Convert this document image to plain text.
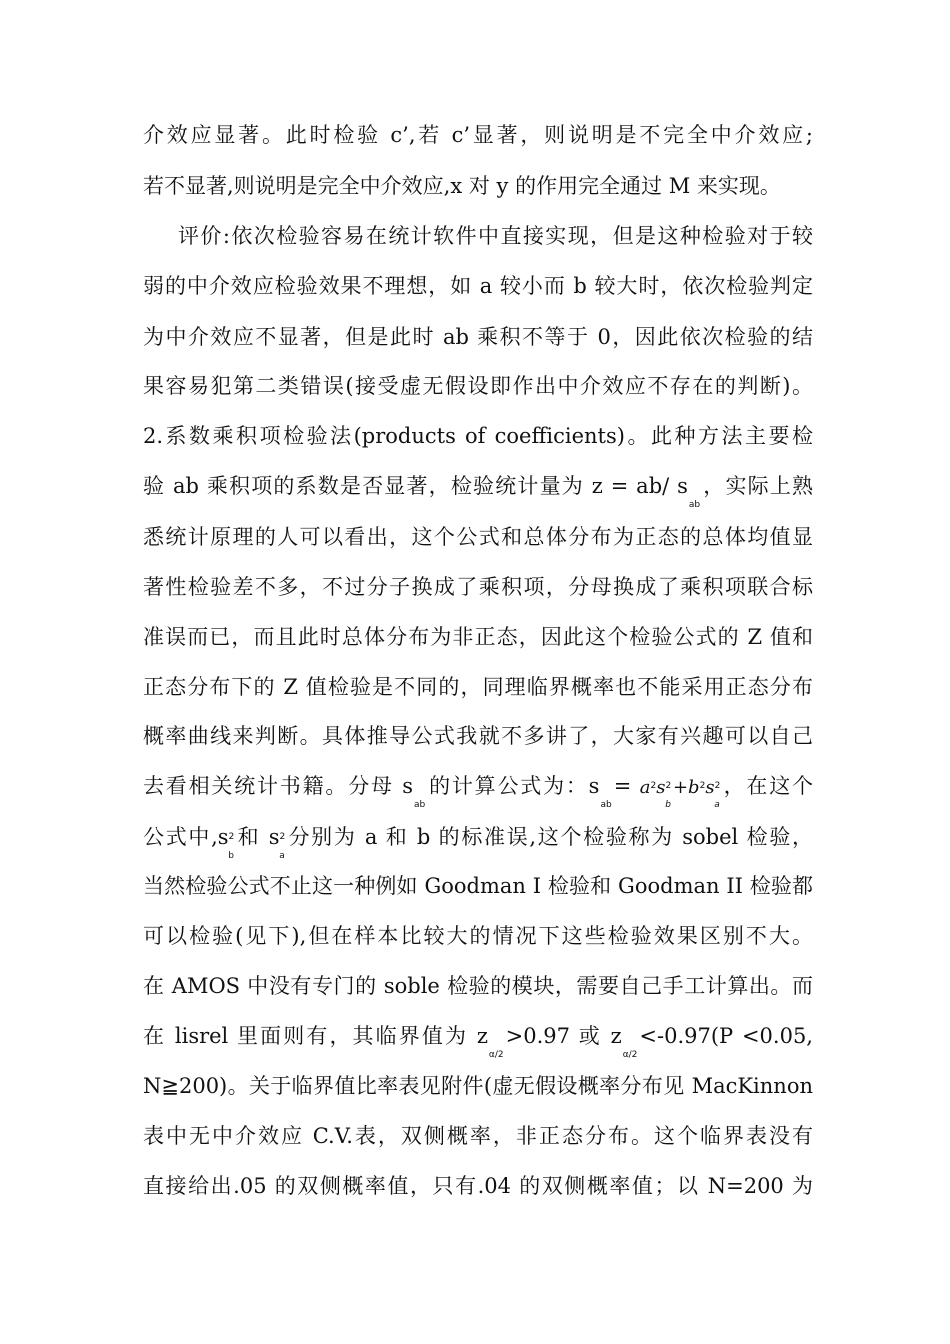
介效应显著。此时检验 c’,若 c’显著，则说明是不完全中介效应;
若不显著,则说明是完全中介效应,x 对 y 的作用完全通过 M 来实现。
评价:依次检验容易在统计软件中直接实现，但是这种检验对于较
弱的中介效应检验效果不理想，如 a 较小而 b 较大时，依次检验判定
为中介效应不显著，但是此时 ab 乘积不等于 0，因此依次检验的结
果容易犯第二类错误(接受虚无假设即作出中介效应不存在的判断)。
2.系数乘积项检验法(products of coefficients)。此种方法主要检
验 ab 乘积项的系数是否显著，检验统计量为 z = ab/ $s_{ab}$，实际上熟
悉统计原理的人可以看出，这个公式和总体分布为正态的总体均值显
著性检验差不多，不过分子换成了乘积项，分母换成了乘积项联合标
准误而已，而且此时总体分布为非正态，因此这个检验公式的 Z 值和
正态分布下的 Z 值检验是不同的，同理临界概率也不能采用正态分布
概率曲线来判断。具体推导公式我就不多讲了，大家有兴趣可以自己
去看相关统计书籍。分母 $s_{ab}$的计算公式为：$s_{ab}= a^2s^2_b+b^2s^2_a$，在这个
公式中$,s^2_b$和 $s^2_a$分别为 a 和 b 的标准误,这个检验称为 sobel 检验，
当然检验公式不止这一种例如 Goodman I 检验和 Goodman II 检验都
可以检验(见下),但在样本比较大的情况下这些检验效果区别不大。
在 AMOS 中没有专门的 soble 检验的模块，需要自己手工计算出。而
在 lisrel 里面则有，其临界值为 $z_{\alpha/2}>0.97$ 或 $z_{\alpha/2}<-0.97(P <0.05$,
N≧200)。关于临界值比率表见附件(虚无假设概率分布见 MacKinnon
表中无中介效应 C.V.表，双侧概率，非正态分布。这个临界表没有
直接给出.05 的双侧概率值，只有.04 的双侧概率值；以 N=200 为
